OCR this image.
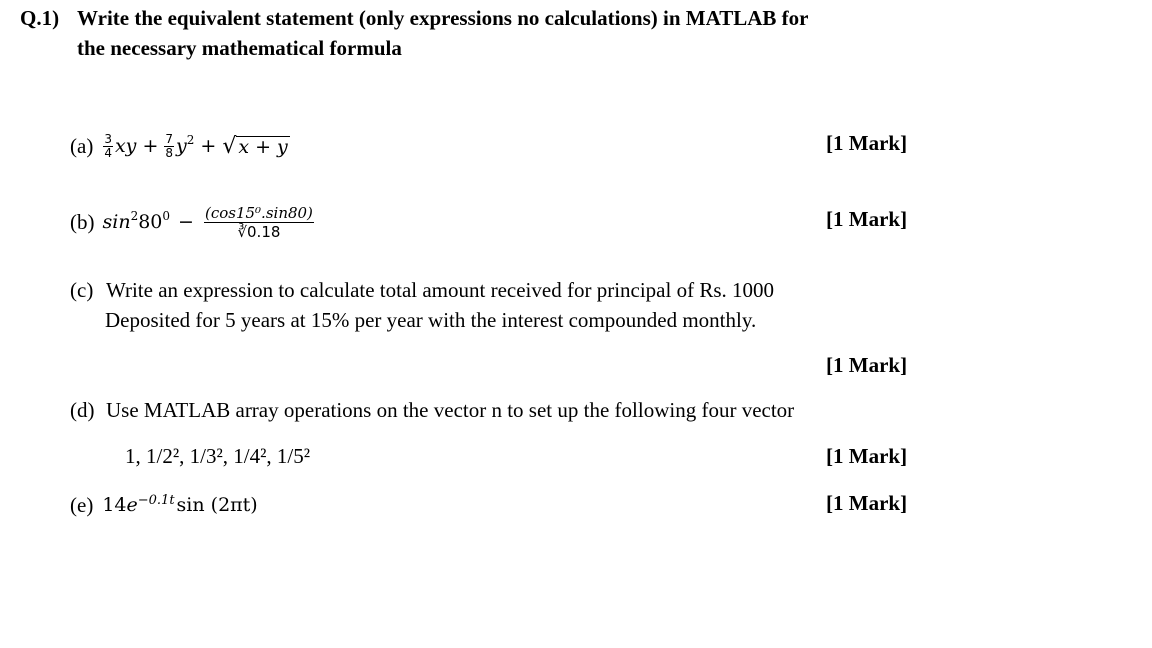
Q.1) Write the equivalent statement (only expressions no calculations) in MATLAB for
the necessary mathematical formula
$(a) \frac{3}{4}$ xy + $\frac{7}{8} y^2$ + √ x + y	[1 Mark]
(b) $\sin^2 80^0 - \frac{\text{(cos15⁰.sin80)}}{∛0.18}$	[1 Mark]
(c) Write an expression to calculate total amount received for principal of Rs. 1000
Deposited for 5 years at 15% per year with the interest compounded monthly.
[1 Mark]
(d) Use MATLAB array operations on the vector n to set up the following four vector
1, 1/2², 1/3², 1/4², 1/5²	[1 Mark]
(e) $14e^{-0.1t}$ sin (2πt)	[1 Mark]
